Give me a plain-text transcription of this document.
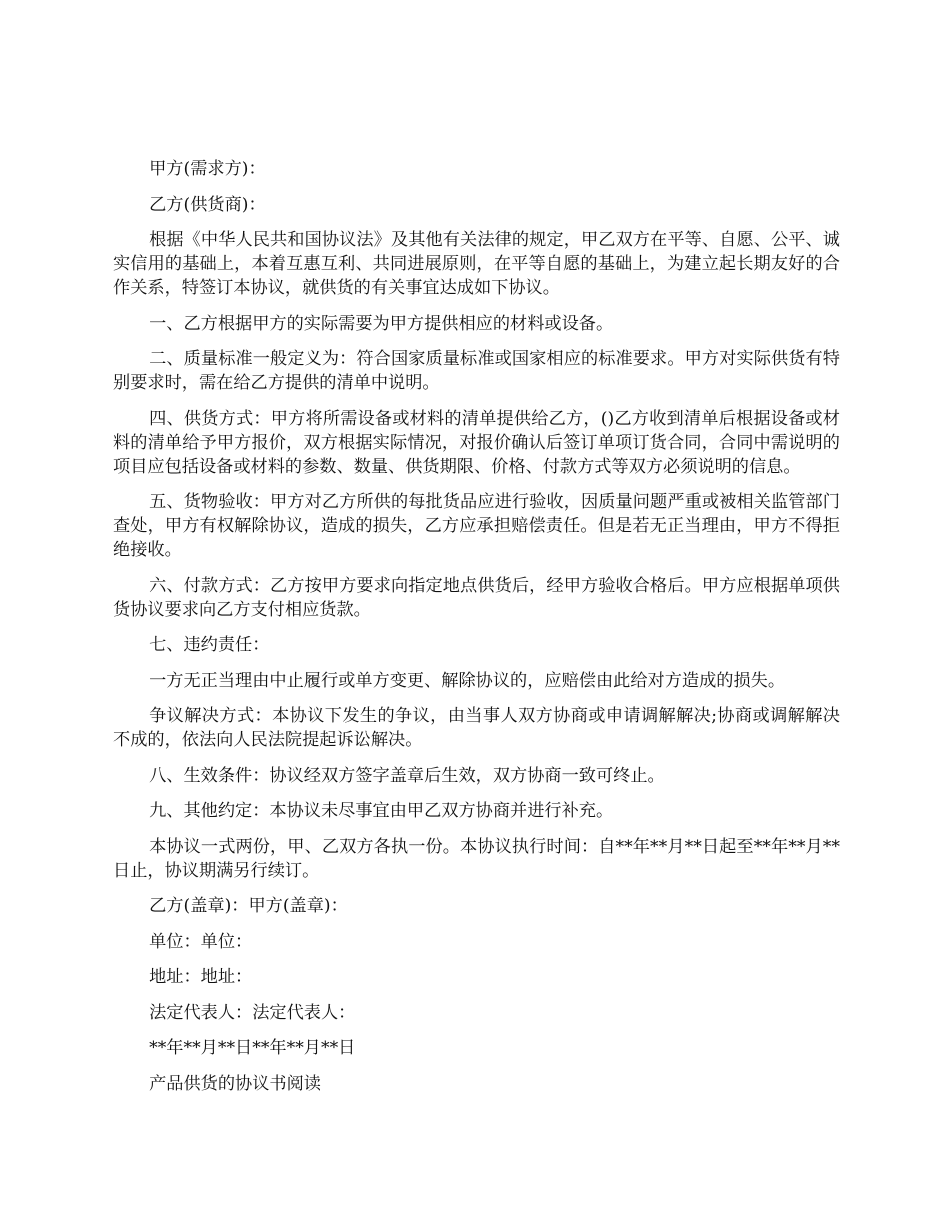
甲方(需求方)：

乙方(供货商)：

根据《中华人民共和国协议法》及其他有关法律的规定，甲乙双方在平等、自愿、公平、诚实信用的基础上，本着互惠互利、共同进展原则，在平等自愿的基础上，为建立起长期友好的合作关系，特签订本协议，就供货的有关事宜达成如下协议。

一、乙方根据甲方的实际需要为甲方提供相应的材料或设备。

二、质量标准一般定义为：符合国家质量标准或国家相应的标准要求。甲方对实际供货有特别要求时，需在给乙方提供的清单中说明。

四、供货方式：甲方将所需设备或材料的清单提供给乙方，()乙方收到清单后根据设备或材料的清单给予甲方报价，双方根据实际情况，对报价确认后签订单项订货合同，合同中需说明的项目应包括设备或材料的参数、数量、供货期限、价格、付款方式等双方必须说明的信息。

五、货物验收：甲方对乙方所供的每批货品应进行验收，因质量问题严重或被相关监管部门查处，甲方有权解除协议，造成的损失，乙方应承担赔偿责任。但是若无正当理由，甲方不得拒绝接收。

六、付款方式：乙方按甲方要求向指定地点供货后，经甲方验收合格后。甲方应根据单项供货协议要求向乙方支付相应货款。

七、违约责任：

一方无正当理由中止履行或单方变更、解除协议的，应赔偿由此给对方造成的损失。

争议解决方式：本协议下发生的争议，由当事人双方协商或申请调解解决;协商或调解解决不成的，依法向人民法院提起诉讼解决。

八、生效条件：协议经双方签字盖章后生效，双方协商一致可终止。

九、其他约定：本协议未尽事宜由甲乙双方协商并进行补充。

本协议一式两份，甲、乙双方各执一份。本协议执行时间：自**年**月**日起至**年**月**日止，协议期满另行续订。

乙方(盖章)：甲方(盖章)：

单位：单位：

地址：地址：

法定代表人：法定代表人：

**年**月**日**年**月**日

产品供货的协议书阅读
